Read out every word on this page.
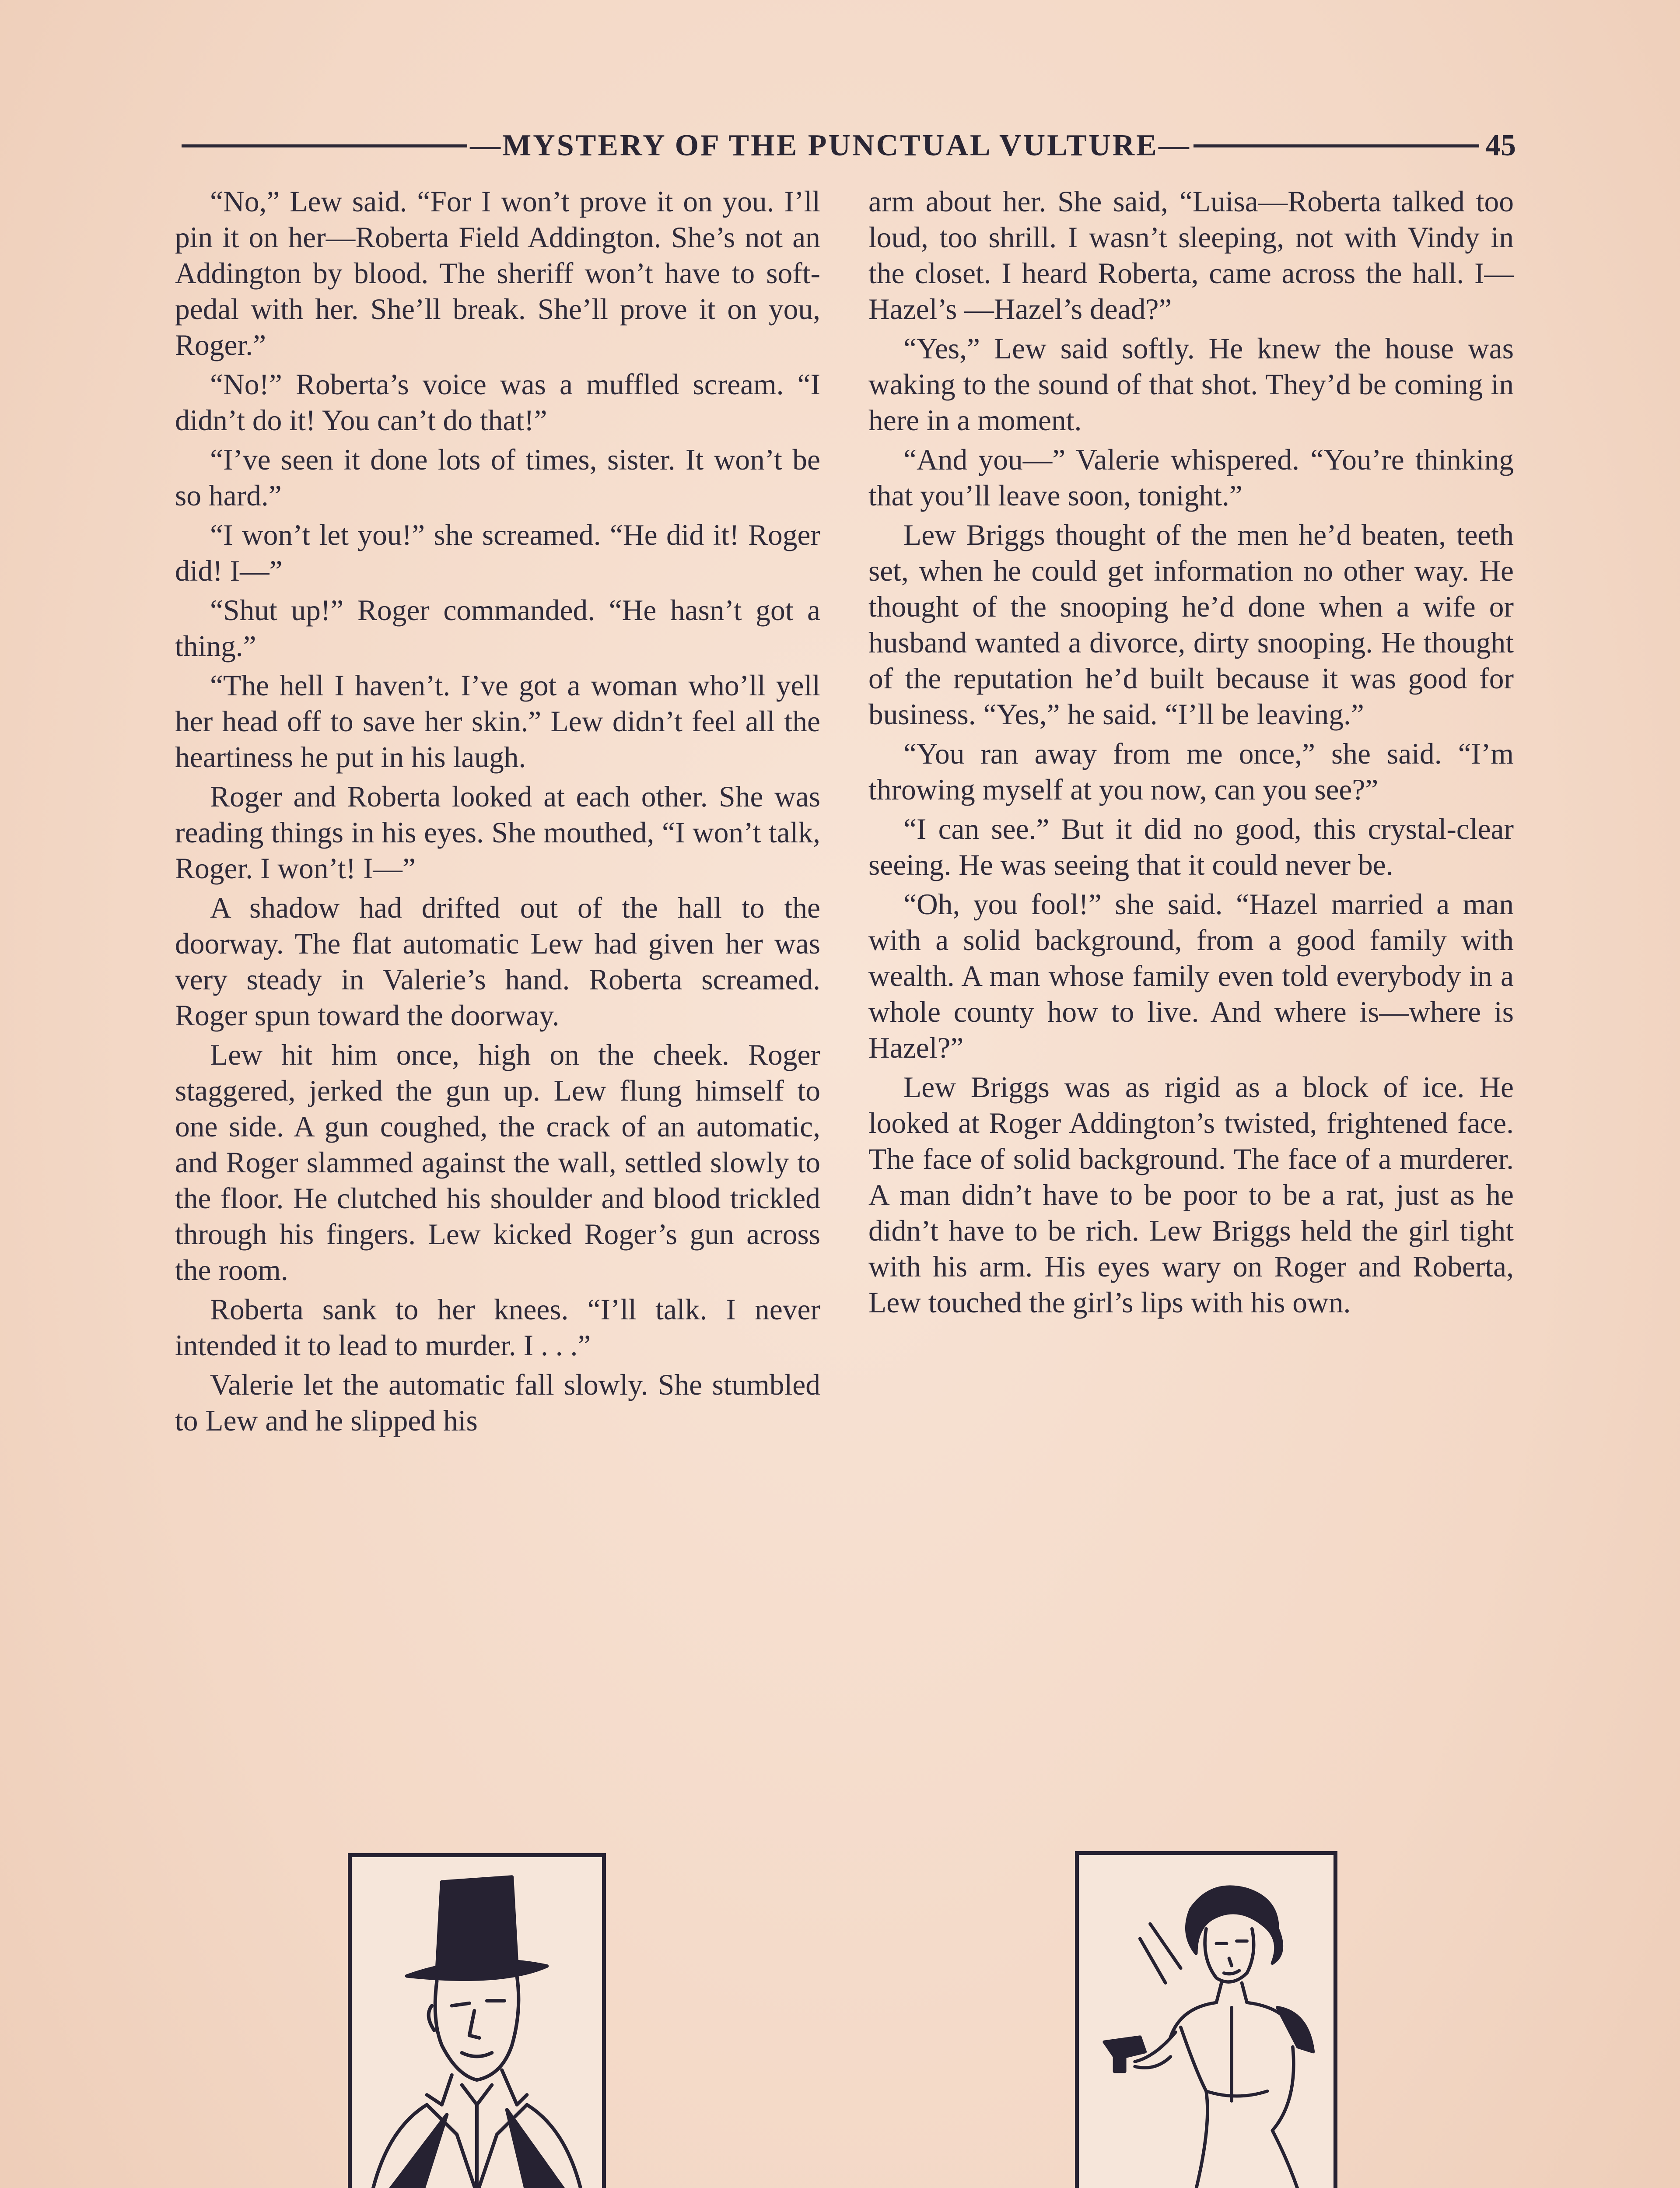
—MYSTERY OF THE PUNCTUAL VULTURE—	45

“No,” Lew said. “For I won’t prove it on you. I’ll pin it on her—Roberta Field Addington. She’s not an Addington by blood. The sheriff won’t have to soft-pedal with her. She’ll break. She’ll prove it on you, Roger.”

“No!” Roberta’s voice was a muffled scream. “I didn’t do it! You can’t do that!”

“I’ve seen it done lots of times, sister. It won’t be so hard.”

“I won’t let you!” she screamed. “He did it! Roger did! I—”

“Shut up!” Roger commanded. “He hasn’t got a thing.”

“The hell I haven’t. I’ve got a woman who’ll yell her head off to save her skin.” Lew didn’t feel all the heartiness he put in his laugh.

Roger and Roberta looked at each other. She was reading things in his eyes. She mouthed, “I won’t talk, Roger. I won’t! I—”

A shadow had drifted out of the hall to the doorway. The flat automatic Lew had given her was very steady in Valerie’s hand. Roberta screamed. Roger spun toward the doorway.

Lew hit him once, high on the cheek. Roger staggered, jerked the gun up. Lew flung himself to one side. A gun coughed, the crack of an automatic, and Roger slammed against the wall, settled slowly to the floor. He clutched his shoulder and blood trickled through his fingers. Lew kicked Roger’s gun across the room.

Roberta sank to her knees. “I’ll talk. I never intended it to lead to murder. I . . .”

Valerie let the automatic fall slowly. She stumbled to Lew and he slipped his

arm about her. She said, “Luisa—Roberta talked too loud, too shrill. I wasn’t sleeping, not with Vindy in the closet. I heard Roberta, came across the hall. I—Hazel’s —Hazel’s dead?”

“Yes,” Lew said softly. He knew the house was waking to the sound of that shot. They’d be coming in here in a moment.

“And you—” Valerie whispered. “You’re thinking that you’ll leave soon, tonight.”

Lew Briggs thought of the men he’d beaten, teeth set, when he could get information no other way. He thought of the snooping he’d done when a wife or husband wanted a divorce, dirty snooping. He thought of the reputation he’d built because it was good for business. “Yes,” he said. “I’ll be leaving.”

“You ran away from me once,” she said. “I’m throwing myself at you now, can you see?”

“I can see.” But it did no good, this crystal-clear seeing. He was seeing that it could never be.

“Oh, you fool!” she said. “Hazel married a man with a solid background, from a good family with wealth. A man whose family even told everybody in a whole county how to live. And where is—where is Hazel?”

Lew Briggs was as rigid as a block of ice. He looked at Roger Addington’s twisted, frightened face. The face of solid background. The face of a murderer. A man didn’t have to be poor to be a rat, just as he didn’t have to be rich. Lew Briggs held the girl tight with his arm. His eyes wary on Roger and Roberta, Lew touched the girl’s lips with his own.
